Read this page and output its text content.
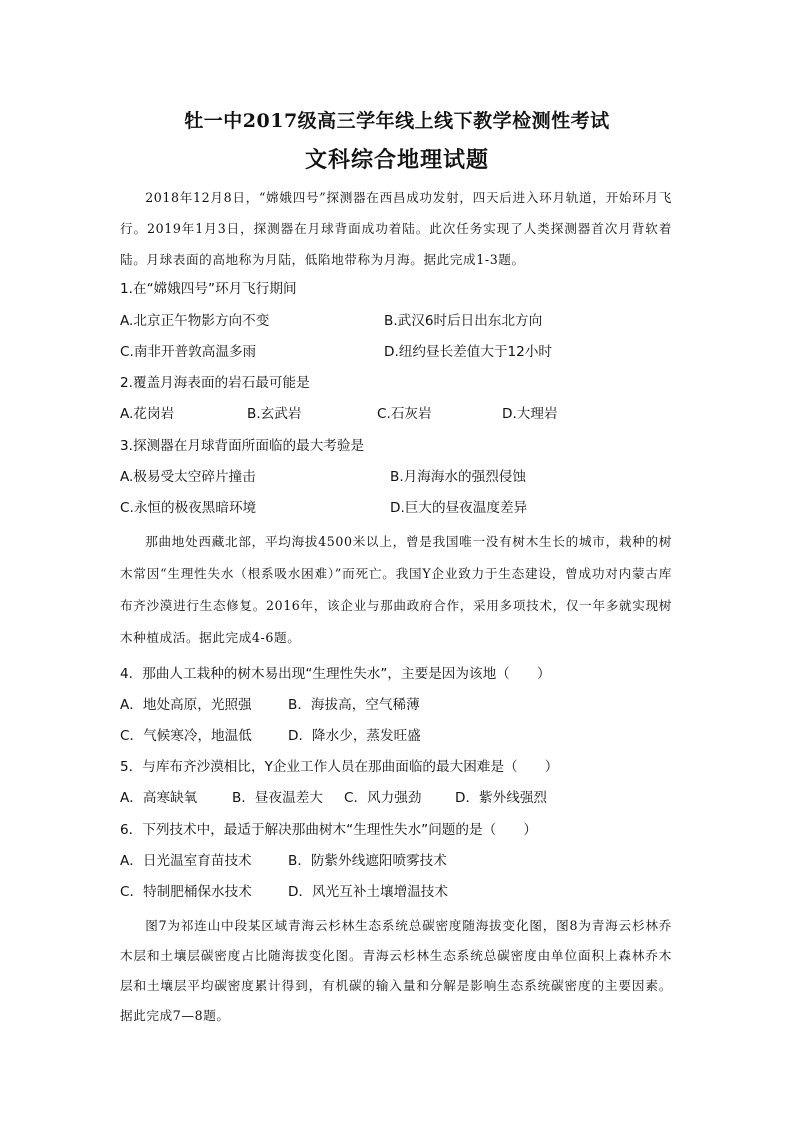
牡一中2017级高三学年线上线下教学检测性考试
文科综合地理试题
2018年12月8日，“嫦娥四号”探测器在西昌成功发射，四天后进入环月轨道，开始环月飞行。2019年1月3日，探测器在月球背面成功着陆。此次任务实现了人类探测器首次月背软着陆。月球表面的高地称为月陆，低陷地带称为月海。据此完成1-3题。
1.在“嫦娥四号”环月飞行期间
A.北京正午物影方向不变	B.武汉6时后日出东北方向
C.南非开普敦高温多雨	D.纽约昼长差值大于12小时
2.覆盖月海表面的岩石最可能是
A.花岗岩	B.玄武岩	C.石灰岩	D.大理岩
3.探测器在月球背面所面临的最大考验是
A.极易受太空碎片撞击	B.月海海水的强烈侵蚀
C.永恒的极夜黑暗环境	D.巨大的昼夜温度差异
那曲地处西藏北部，平均海拔4500米以上，曾是我国唯一没有树木生长的城市，栽种的树木常因“生理性失水（根系吸水困难）”而死亡。我国Y企业致力于生态建设，曾成功对内蒙古库布齐沙漠进行生态修复。2016年，该企业与那曲政府合作，采用多项技术，仅一年多就实现树木种植成活。据此完成4-6题。
4．那曲人工栽种的树木易出现“生理性失水”，主要是因为该地（　　）
A．地处高原，光照强	B．海拔高，空气稀薄
C．气候寒冷，地温低	D．降水少，蒸发旺盛
5．与库布齐沙漠相比，Y企业工作人员在那曲面临的最大困难是（　　）
A．高寒缺氧	B．昼夜温差大 C．风力强劲 D．紫外线强烈
6．下列技术中，最适于解决那曲树木“生理性失水”问题的是（　　）
A．日光温室育苗技术	B．防紫外线遮阳喷雾技术
C．特制肥桶保水技术	D．风光互补土壤增温技术
图7为祁连山中段某区域青海云杉林生态系统总碳密度随海拔变化图，图8为青海云杉林乔木层和土壤层碳密度占比随海拔变化图。青海云杉林生态系统总碳密度由单位面积上森林乔木层和土壤层平均碳密度累计得到，有机碳的输入量和分解是影响生态系统碳密度的主要因素。据此完成7—8题。
